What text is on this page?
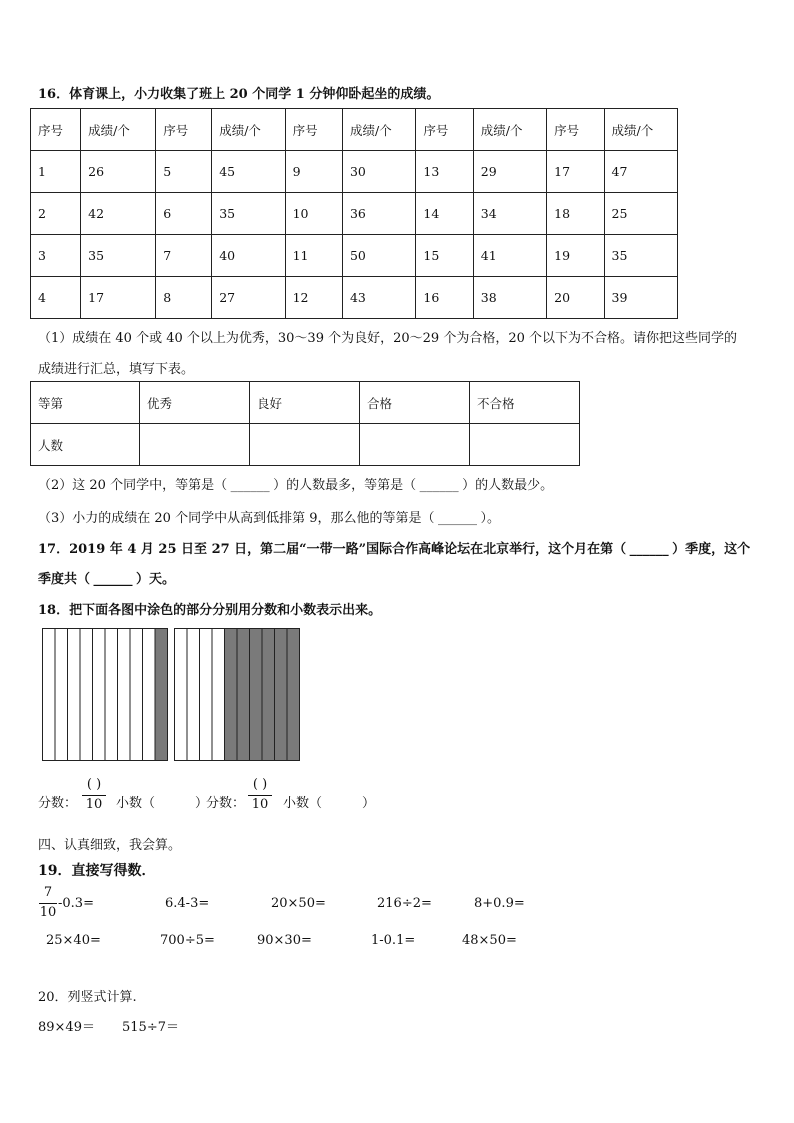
16．体育课上，小力收集了班上 20 个同学 1 分钟仰卧起坐的成绩。
序号	成绩/个	序号	成绩/个	序号	成绩/个	序号	成绩/个	序号	成绩/个
1	26	5	45	9	30	13	29	17	47
2	42	6	35	10	36	14	34	18	25
3	35	7	40	11	50	15	41	19	35
4	17	8	27	12	43	16	38	20	39
（1）成绩在 40 个或 40 个以上为优秀，30～39 个为良好，20～29 个为合格，20 个以下为不合格。请你把这些同学的
成绩进行汇总，填写下表。
等第	优秀	良好	合格	不合格
人数				
（2）这 20 个同学中，等第是（ ______ ）的人数最多，等第是（ ______ ）的人数最少。
（3）小力的成绩在 20 个同学中从高到低排第 9，那么他的等第是（ ______ ）。
17．2019 年 4 月 25 日至 27 日，第二届“一带一路”国际合作高峰论坛在北京举行，这个月在第（ ______ ）季度，这个
季度共（ ______ ）天。
18．把下面各图中涂色的部分分别用分数和小数表示出来。
分数：
( )
10 小数（	）
分数：
( )
10 小数（	）
四、认真细致，我会算。
19．直接写得数．
7
10
-0.3=	6.4-3=	20×50=	216÷2=	8+0.9=
25×40=	700÷5=	90×30=	1-0.1=	48×50=
20．列竖式计算.
89×49＝ 515÷7＝
